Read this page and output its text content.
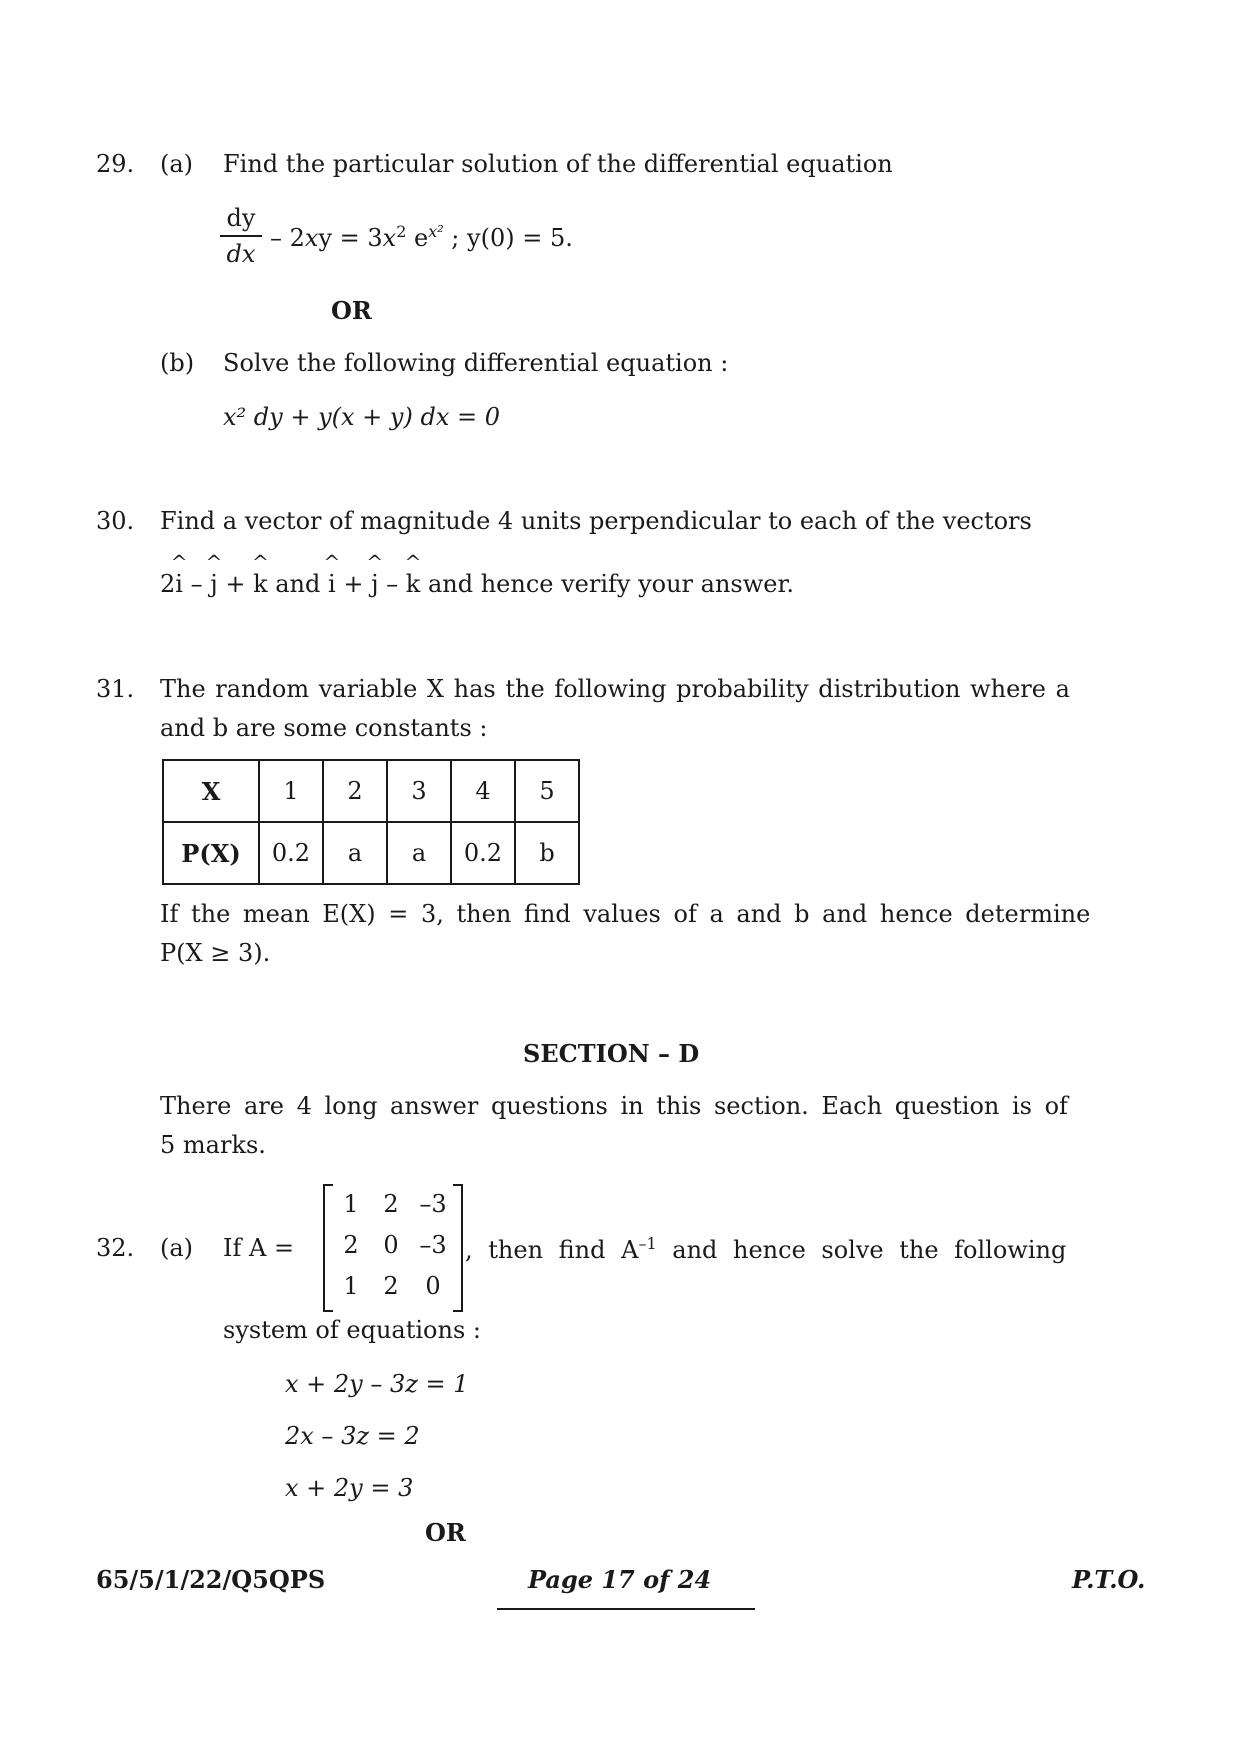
29. (a) Find the particular solution of the differential equation
dy
dx
– $2xy = 3x^2$ $e^{x^2}$ ; y(0) = 5.
OR
(b) Solve the following differential equation :
x² dy + y(x + y) dx = 0
30. Find a vector of magnitude 4 units perpendicular to each of the vectors
2^ i – ^ j + ^ k and ^ i + ^ j – ^ k and hence verify your answer.
31. The random variable X has the following probability distribution where a
and b are some constants :
X	1	2	3	4	5
P(X)	0.2	a	a	0.2	b
If the mean E(X) = 3, then find values of a and b and hence determine
P(X ≥ 3).
SECTION – D
There are 4 long answer questions in this section. Each question is of
5 marks.
32. (a) If A =
1	2 –3
2	0 –3
1	2	0
, then find $A^{-1}$ and hence solve the following
system of equations :
x + 2y – 3z = 1
2x – 3z = 2
x + 2y = 3
OR
65/5/1/22/Q5QPS	Page 17 of 24	P.T.O.
